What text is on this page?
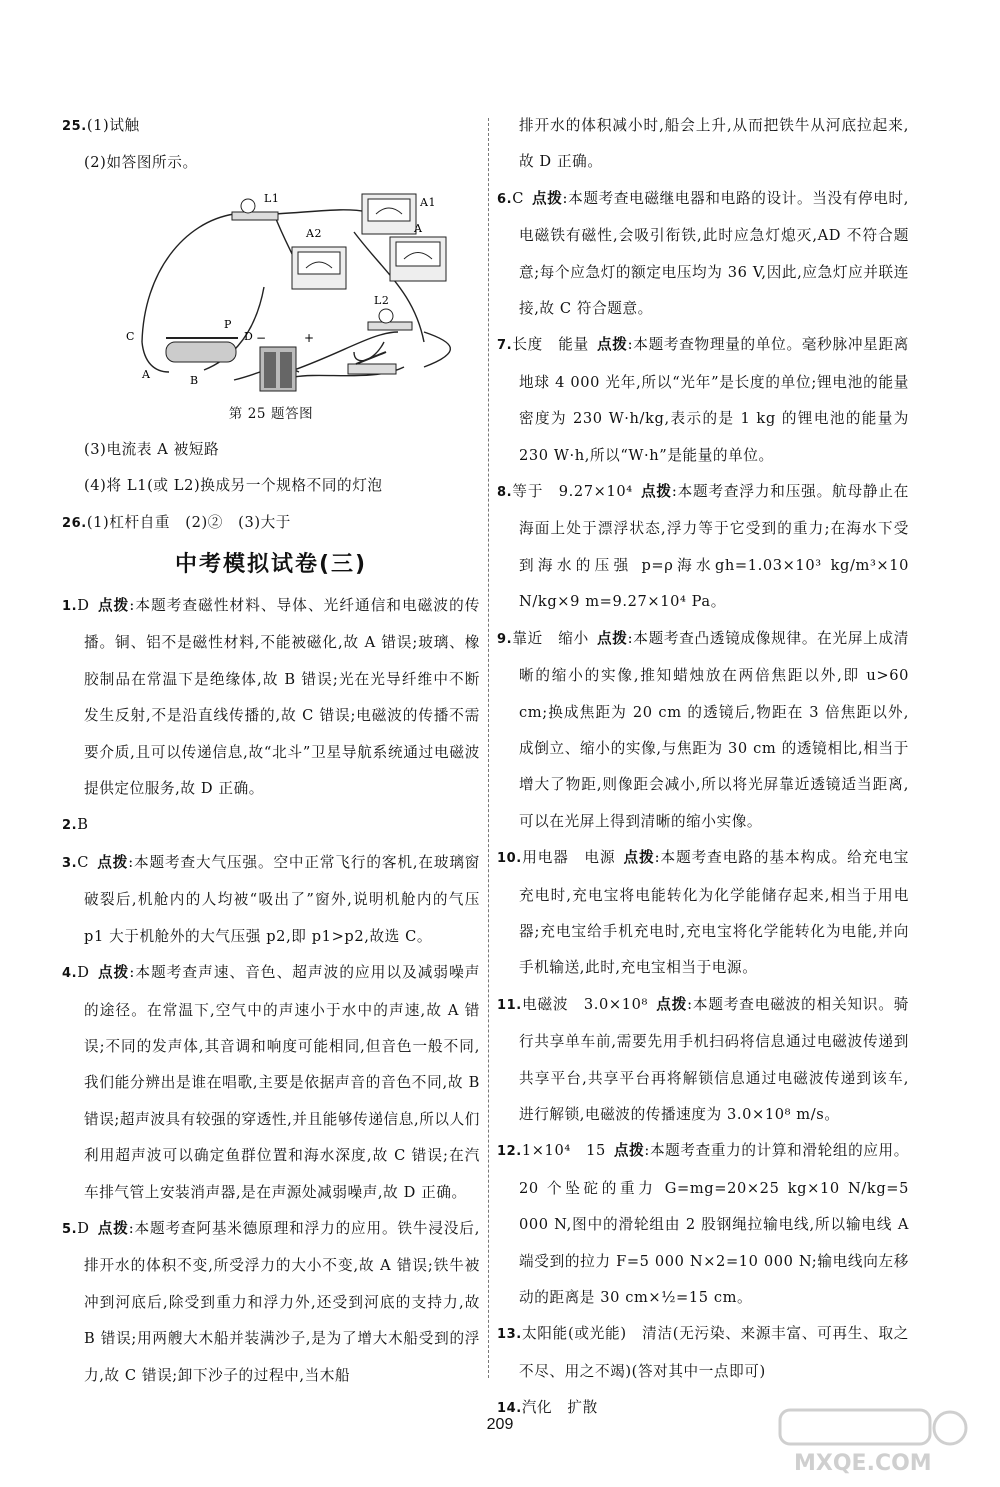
25.(1)试触

(2)如答图所示。

L1	A1
A2	A
L2
P
C	D
A	B
−	+

第 25 题答图

(3)电流表 A 被短路

(4)将 L1(或 L2)换成另一个规格不同的灯泡

26.(1)杠杆自重　(2)②　(3)大于

中考模拟试卷(三)

1.D 点拨:本题考查磁性材料、导体、光纤通信和电磁波的传播。铜、铝不是磁性材料,不能被磁化,故 A 错误;玻璃、橡胶制品在常温下是绝缘体,故 B 错误;光在光导纤维中不断发生反射,不是沿直线传播的,故 C 错误;电磁波的传播不需要介质,且可以传递信息,故“北斗”卫星导航系统通过电磁波提供定位服务,故 D 正确。

2.B

3.C 点拨:本题考查大气压强。空中正常飞行的客机,在玻璃窗破裂后,机舱内的人均被“吸出了”窗外,说明机舱内的气压 p1 大于机舱外的大气压强 p2,即 p1>p2,故选 C。

4.D 点拨:本题考查声速、音色、超声波的应用以及减弱噪声的途径。在常温下,空气中的声速小于水中的声速,故 A 错误;不同的发声体,其音调和响度可能相同,但音色一般不同,我们能分辨出是谁在唱歌,主要是依据声音的音色不同,故 B 错误;超声波具有较强的穿透性,并且能够传递信息,所以人们利用超声波可以确定鱼群位置和海水深度,故 C 错误;在汽车排气管上安装消声器,是在声源处减弱噪声,故 D 正确。

5.D 点拨:本题考查阿基米德原理和浮力的应用。铁牛浸没后,排开水的体积不变,所受浮力的大小不变,故 A 错误;铁牛被冲到河底后,除受到重力和浮力外,还受到河底的支持力,故 B 错误;用两艘大木船并装满沙子,是为了增大木船受到的浮力,故 C 错误;卸下沙子的过程中,当木船

排开水的体积减小时,船会上升,从而把铁牛从河底拉起来,故 D 正确。

6.C 点拨:本题考查电磁继电器和电路的设计。当没有停电时,电磁铁有磁性,会吸引衔铁,此时应急灯熄灭,AD 不符合题意;每个应急灯的额定电压均为 36 V,因此,应急灯应并联连接,故 C 符合题意。

7.长度　能量 点拨:本题考查物理量的单位。毫秒脉冲星距离地球 4 000 光年,所以“光年”是长度的单位;锂电池的能量密度为 230 W·h/kg,表示的是 1 kg 的锂电池的能量为 230 W·h,所以“W·h”是能量的单位。

8.等于　9.27×10⁴ 点拨:本题考查浮力和压强。航母静止在海面上处于漂浮状态,浮力等于它受到的重力;在海水下受到海水的压强 p=ρ海水gh=1.03×10³ kg/m³×10 N/kg×9 m=9.27×10⁴ Pa。

9.靠近　缩小 点拨:本题考查凸透镜成像规律。在光屏上成清晰的缩小的实像,推知蜡烛放在两倍焦距以外,即 u>60 cm;换成焦距为 20 cm 的透镜后,物距在 3 倍焦距以外,成倒立、缩小的实像,与焦距为 30 cm 的透镜相比,相当于增大了物距,则像距会减小,所以将光屏靠近透镜适当距离,可以在光屏上得到清晰的缩小实像。

10.用电器　电源 点拨:本题考查电路的基本构成。给充电宝充电时,充电宝将电能转化为化学能储存起来,相当于用电器;充电宝给手机充电时,充电宝将化学能转化为电能,并向手机输送,此时,充电宝相当于电源。

11.电磁波　3.0×10⁸ 点拨:本题考查电磁波的相关知识。骑行共享单车前,需要先用手机扫码将信息通过电磁波传递到共享平台,共享平台再将解锁信息通过电磁波传递到该车,进行解锁,电磁波的传播速度为 3.0×10⁸ m/s。

12.1×10⁴　15 点拨:本题考查重力的计算和滑轮组的应用。20 个坠砣的重力 G=mg=20×25 kg×10 N/kg=5 000 N,图中的滑轮组由 2 股钢绳拉输电线,所以输电线 A 端受到的拉力 F=5 000 N×2=10 000 N;输电线向左移动的距离是 30 cm×½=15 cm。

13.太阳能(或光能)　清洁(无污染、来源丰富、可再生、取之不尽、用之不竭)(答对其中一点即可)

14.汽化　扩散

209
MXQE.COM
